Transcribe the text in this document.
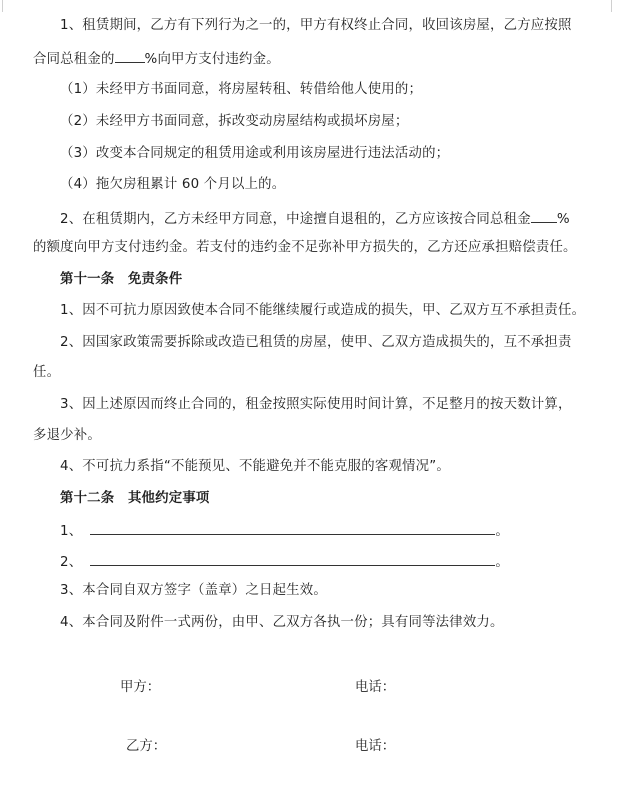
1、租赁期间，乙方有下列行为之一的，甲方有权终止合同，收回该房屋，乙方应按照
合同总租金的 %向甲方支付违约金。
（1）未经甲方书面同意，将房屋转租、转借给他人使用的；
（2）未经甲方书面同意，拆改变动房屋结构或损坏房屋；
（3）改变本合同规定的租赁用途或利用该房屋进行违法活动的；
（4）拖欠房租累计 60 个月以上的。
2、在租赁期内，乙方未经甲方同意，中途擅自退租的，乙方应该按合同总租金 %
的额度向甲方支付违约金。若支付的违约金不足弥补甲方损失的，乙方还应承担赔偿责任。
第十一条　免责条件
1、因不可抗力原因致使本合同不能继续履行或造成的损失，甲、乙双方互不承担责任。
2、因国家政策需要拆除或改造已租赁的房屋，使甲、乙双方造成损失的，互不承担责
任。
3、因上述原因而终止合同的，租金按照实际使用时间计算，不足整月的按天数计算，
多退少补。
4、不可抗力系指“不能预见、不能避免并不能克服的客观情况”。
第十二条　其他约定事项
1、	。
2、	。
3、本合同自双方签字（盖章）之日起生效。
4、本合同及附件一式两份，由甲、乙双方各执一份；具有同等法律效力。
甲方：	电话：
乙方：	电话：
